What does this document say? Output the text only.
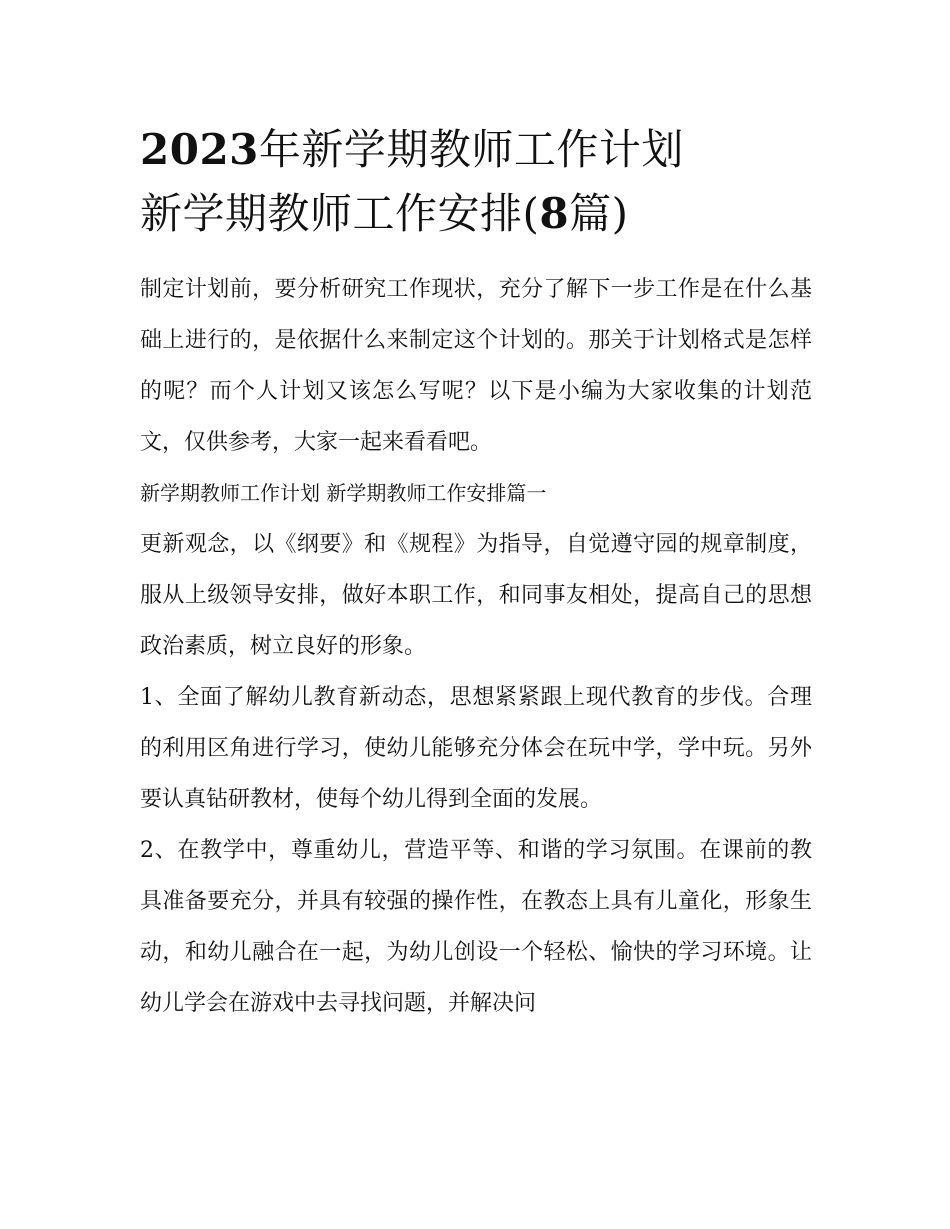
2023年新学期教师工作计划
新学期教师工作安排(8篇)

制定计划前，要分析研究工作现状，充分了解下一步工作是在什么基础上进行的，是依据什么来制定这个计划的。那关于计划格式是怎样的呢？而个人计划又该怎么写呢？以下是小编为大家收集的计划范文，仅供参考，大家一起来看看吧。

新学期教师工作计划 新学期教师工作安排篇一

更新观念，以《纲要》和《规程》为指导，自觉遵守园的规章制度，服从上级领导安排，做好本职工作，和同事友相处，提高自己的思想政治素质，树立良好的形象。

1、全面了解幼儿教育新动态，思想紧紧跟上现代教育的步伐。合理的利用区角进行学习，使幼儿能够充分体会在玩中学，学中玩。另外要认真钻研教材，使每个幼儿得到全面的发展。

2、在教学中，尊重幼儿，营造平等、和谐的学习氛围。在课前的教具准备要充分，并具有较强的操作性，在教态上具有儿童化，形象生动，和幼儿融合在一起，为幼儿创设一个轻松、愉快的学习环境。让幼儿学会在游戏中去寻找问题，并解决问
